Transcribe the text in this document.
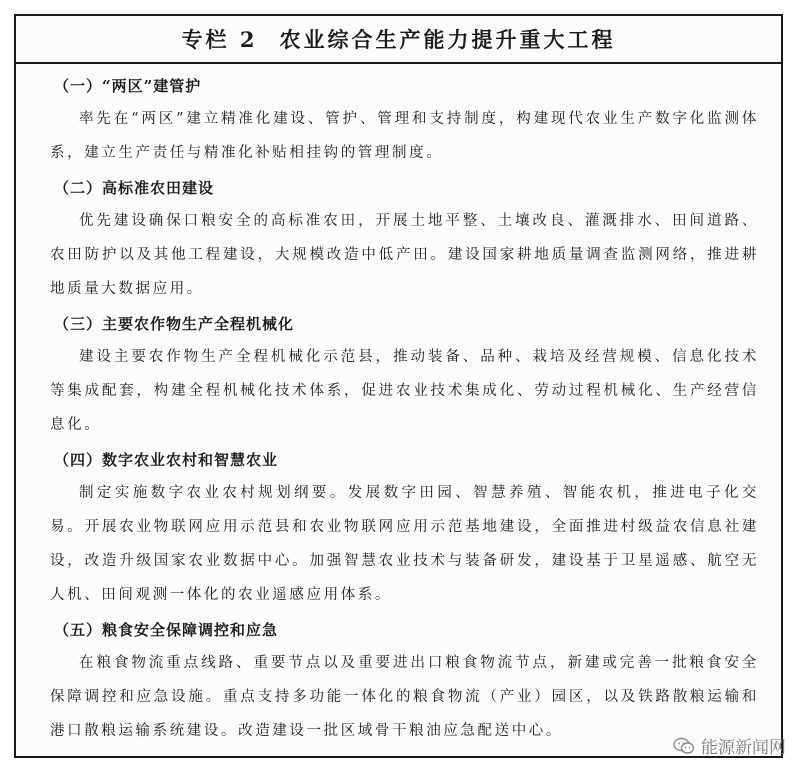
专栏 2 农业综合生产能力提升重大工程
（一）“两区”建管护

率先在“两区”建立精准化建设、管护、管理和支持制度，构建现代农业生产数字化监测体系，建立生产责任与精准化补贴相挂钩的管理制度。

（二）高标准农田建设

优先建设确保口粮安全的高标准农田，开展土地平整、土壤改良、灌溉排水、田间道路、农田防护以及其他工程建设，大规模改造中低产田。建设国家耕地质量调查监测网络，推进耕地质量大数据应用。

（三）主要农作物生产全程机械化

建设主要农作物生产全程机械化示范县，推动装备、品种、栽培及经营规模、信息化技术等集成配套，构建全程机械化技术体系，促进农业技术集成化、劳动过程机械化、生产经营信息化。

（四）数字农业农村和智慧农业

制定实施数字农业农村规划纲要。发展数字田园、智慧养殖、智能农机，推进电子化交易。开展农业物联网应用示范县和农业物联网应用示范基地建设，全面推进村级益农信息社建设，改造升级国家农业数据中心。加强智慧农业技术与装备研发，建设基于卫星遥感、航空无人机、田间观测一体化的农业遥感应用体系。

（五）粮食安全保障调控和应急

在粮食物流重点线路、重要节点以及重要进出口粮食物流节点，新建或完善一批粮食安全保障调控和应急设施。重点支持多功能一体化的粮食物流（产业）园区，以及铁路散粮运输和港口散粮运输系统建设。改造建设一批区域骨干粮油应急配送中心。

能源新闻网
